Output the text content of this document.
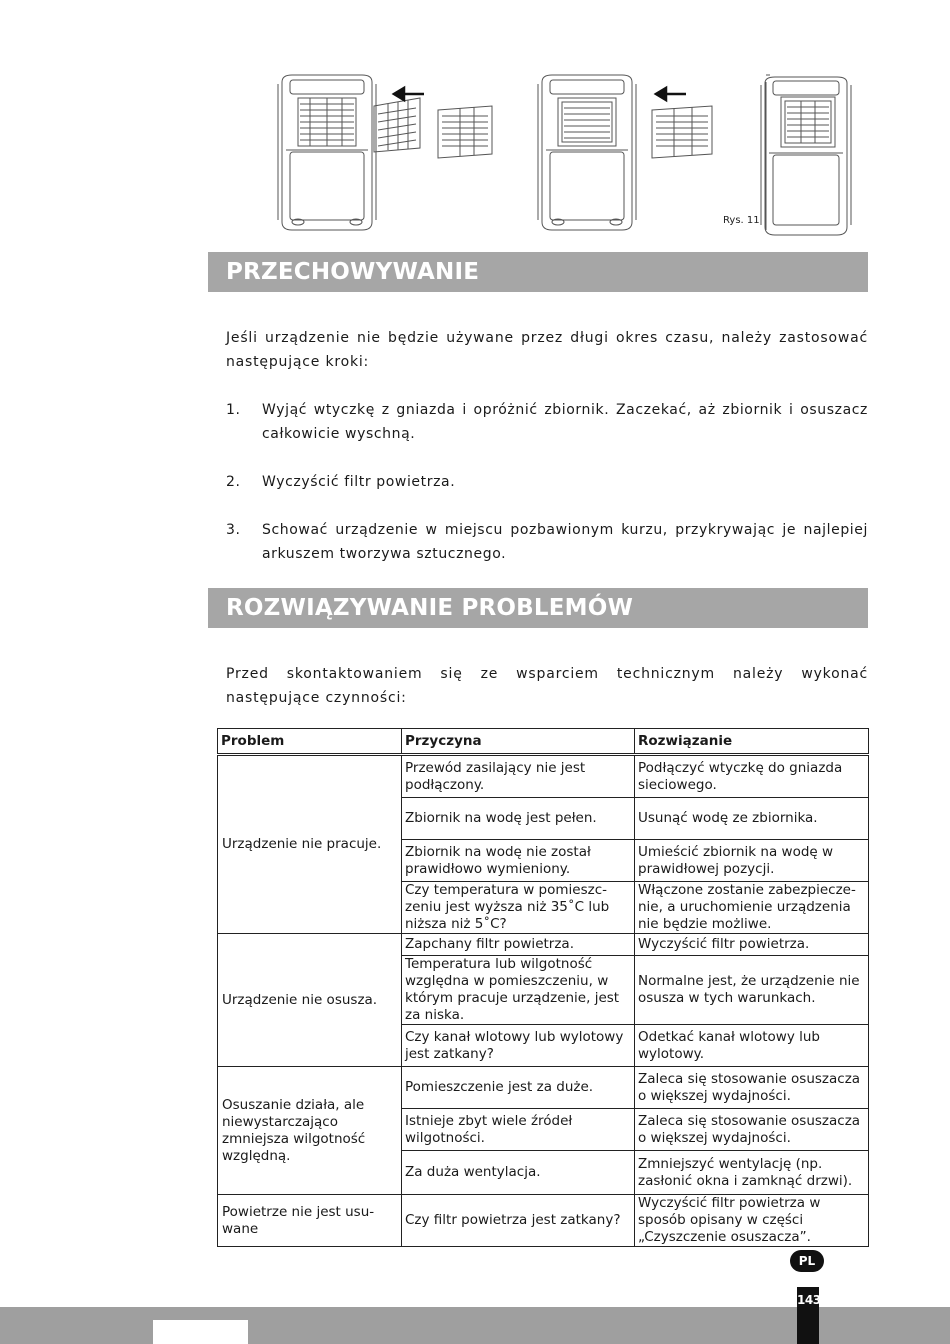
Rys. 11
PRZECHOWYWANIE
Jeśli urządzenie nie będzie używane przez długi okres czasu, należy zastosować następujące kroki:
1. Wyjąć wtyczkę z gniazda i opróżnić zbiornik. Zaczekać, aż zbiornik i osuszacz całkowicie wyschną.
2. Wyczyścić filtr powietrza.
3. Schować urządzenie w miejscu pozbawionym kurzu, przykrywając je najlepiej arkuszem tworzywa sztucznego.
ROZWIĄZYWANIE PROBLEMÓW
Przed skontaktowaniem się ze wsparciem technicznym należy wykonać następujące czynności:
Problem	Przyczyna	Rozwiązanie
Urządzenie nie pracuje.	Przewód zasilający nie jest podłączony.	Podłączyć wtyczkę do gniazda sieciowego.
	Zbiornik na wodę jest pełen.	Usunąć wodę ze zbiornika.
	Zbiornik na wodę nie został prawidłowo wymieniony.	Umieścić zbiornik na wodę w prawidłowej pozycji.
	Czy temperatura w pomieszc-zeniu jest wyższa niż 35˚C lub niższa niż 5˚C?	Włączone zostanie zabezpiecze-nie, a uruchomienie urządzenia nie będzie możliwe.
Urządzenie nie osusza.	Zapchany filtr powietrza.	Wyczyścić filtr powietrza.
	Temperatura lub wilgotność względna w pomieszczeniu, w którym pracuje urządzenie, jest za niska.	Normalne jest, że urządzenie nie osusza w tych warunkach.
	Czy kanał wlotowy lub wylotowy jest zatkany?	Odetkać kanał wlotowy lub wylotowy.
Osuszanie działa, ale niewystarczająco zmniejsza wilgotność względną.	Pomieszczenie jest za duże.	Zaleca się stosowanie osuszacza o większej wydajności.
	Istnieje zbyt wiele źródeł wilgotności.	Zaleca się stosowanie osuszacza o większej wydajności.
	Za duża wentylacja.	Zmniejszyć wentylację (np. zasłonić okna i zamknąć drzwi).
Powietrze nie jest usu-wane	Czy filtr powietrza jest zatkany?	Wyczyścić filtr powietrza w sposób opisany w części „Czyszczenie osuszacza”.
PL
143
